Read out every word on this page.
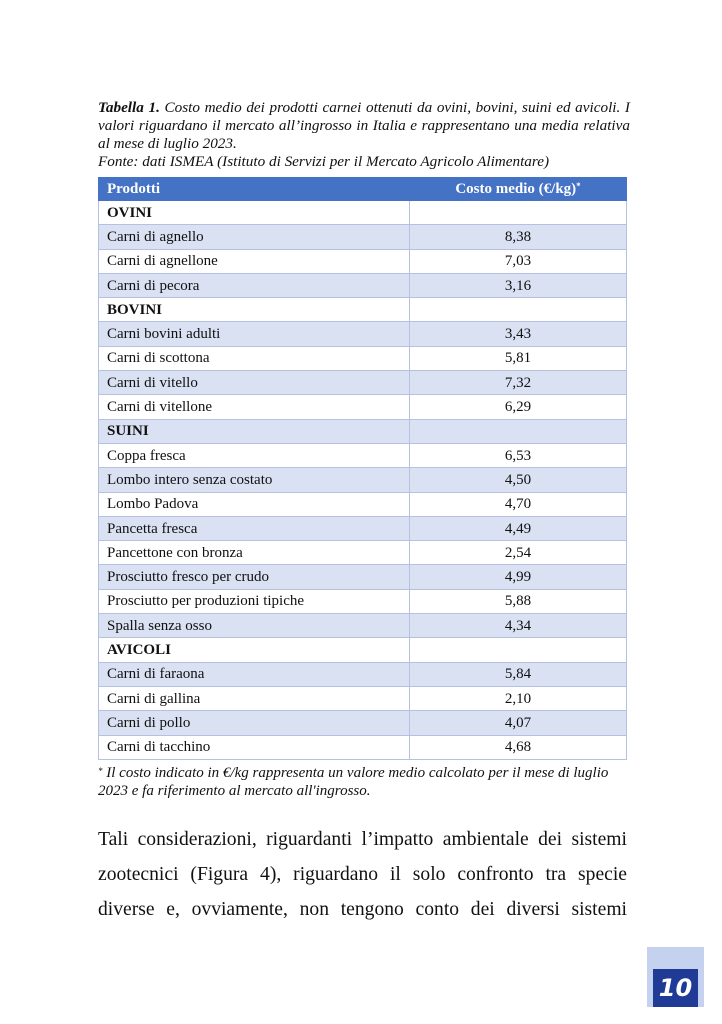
Tabella 1. Costo medio dei prodotti carnei ottenuti da ovini, bovini, suini ed avicoli. I valori riguardano il mercato all’ingrosso in Italia e rappresentano una media relativa al mese di luglio 2023.
Fonte: dati ISMEA (Istituto di Servizi per il Mercato Agricolo Alimentare)
Prodotti	Costo medio (€/kg)*
OVINI	
Carni di agnello	8,38
Carni di agnellone	7,03
Carni di pecora	3,16
BOVINI	
Carni bovini adulti	3,43
Carni di scottona	5,81
Carni di vitello	7,32
Carni di vitellone	6,29
SUINI	
Coppa fresca	6,53
Lombo intero senza costato	4,50
Lombo Padova	4,70
Pancetta fresca	4,49
Pancettone con bronza	2,54
Prosciutto fresco per crudo	4,99
Prosciutto per produzioni tipiche	5,88
Spalla senza osso	4,34
AVICOLI	
Carni di faraona	5,84
Carni di gallina	2,10
Carni di pollo	4,07
Carni di tacchino	4,68
* Il costo indicato in €/kg rappresenta un valore medio calcolato per il mese di luglio 2023 e fa riferimento al mercato all'ingrosso.

Tali considerazioni, riguardanti l’impatto ambientale dei sistemi zootecnici (Figura 4), riguardano il solo confronto tra specie diverse e, ovviamente, non tengono conto dei diversi sistemi

10
